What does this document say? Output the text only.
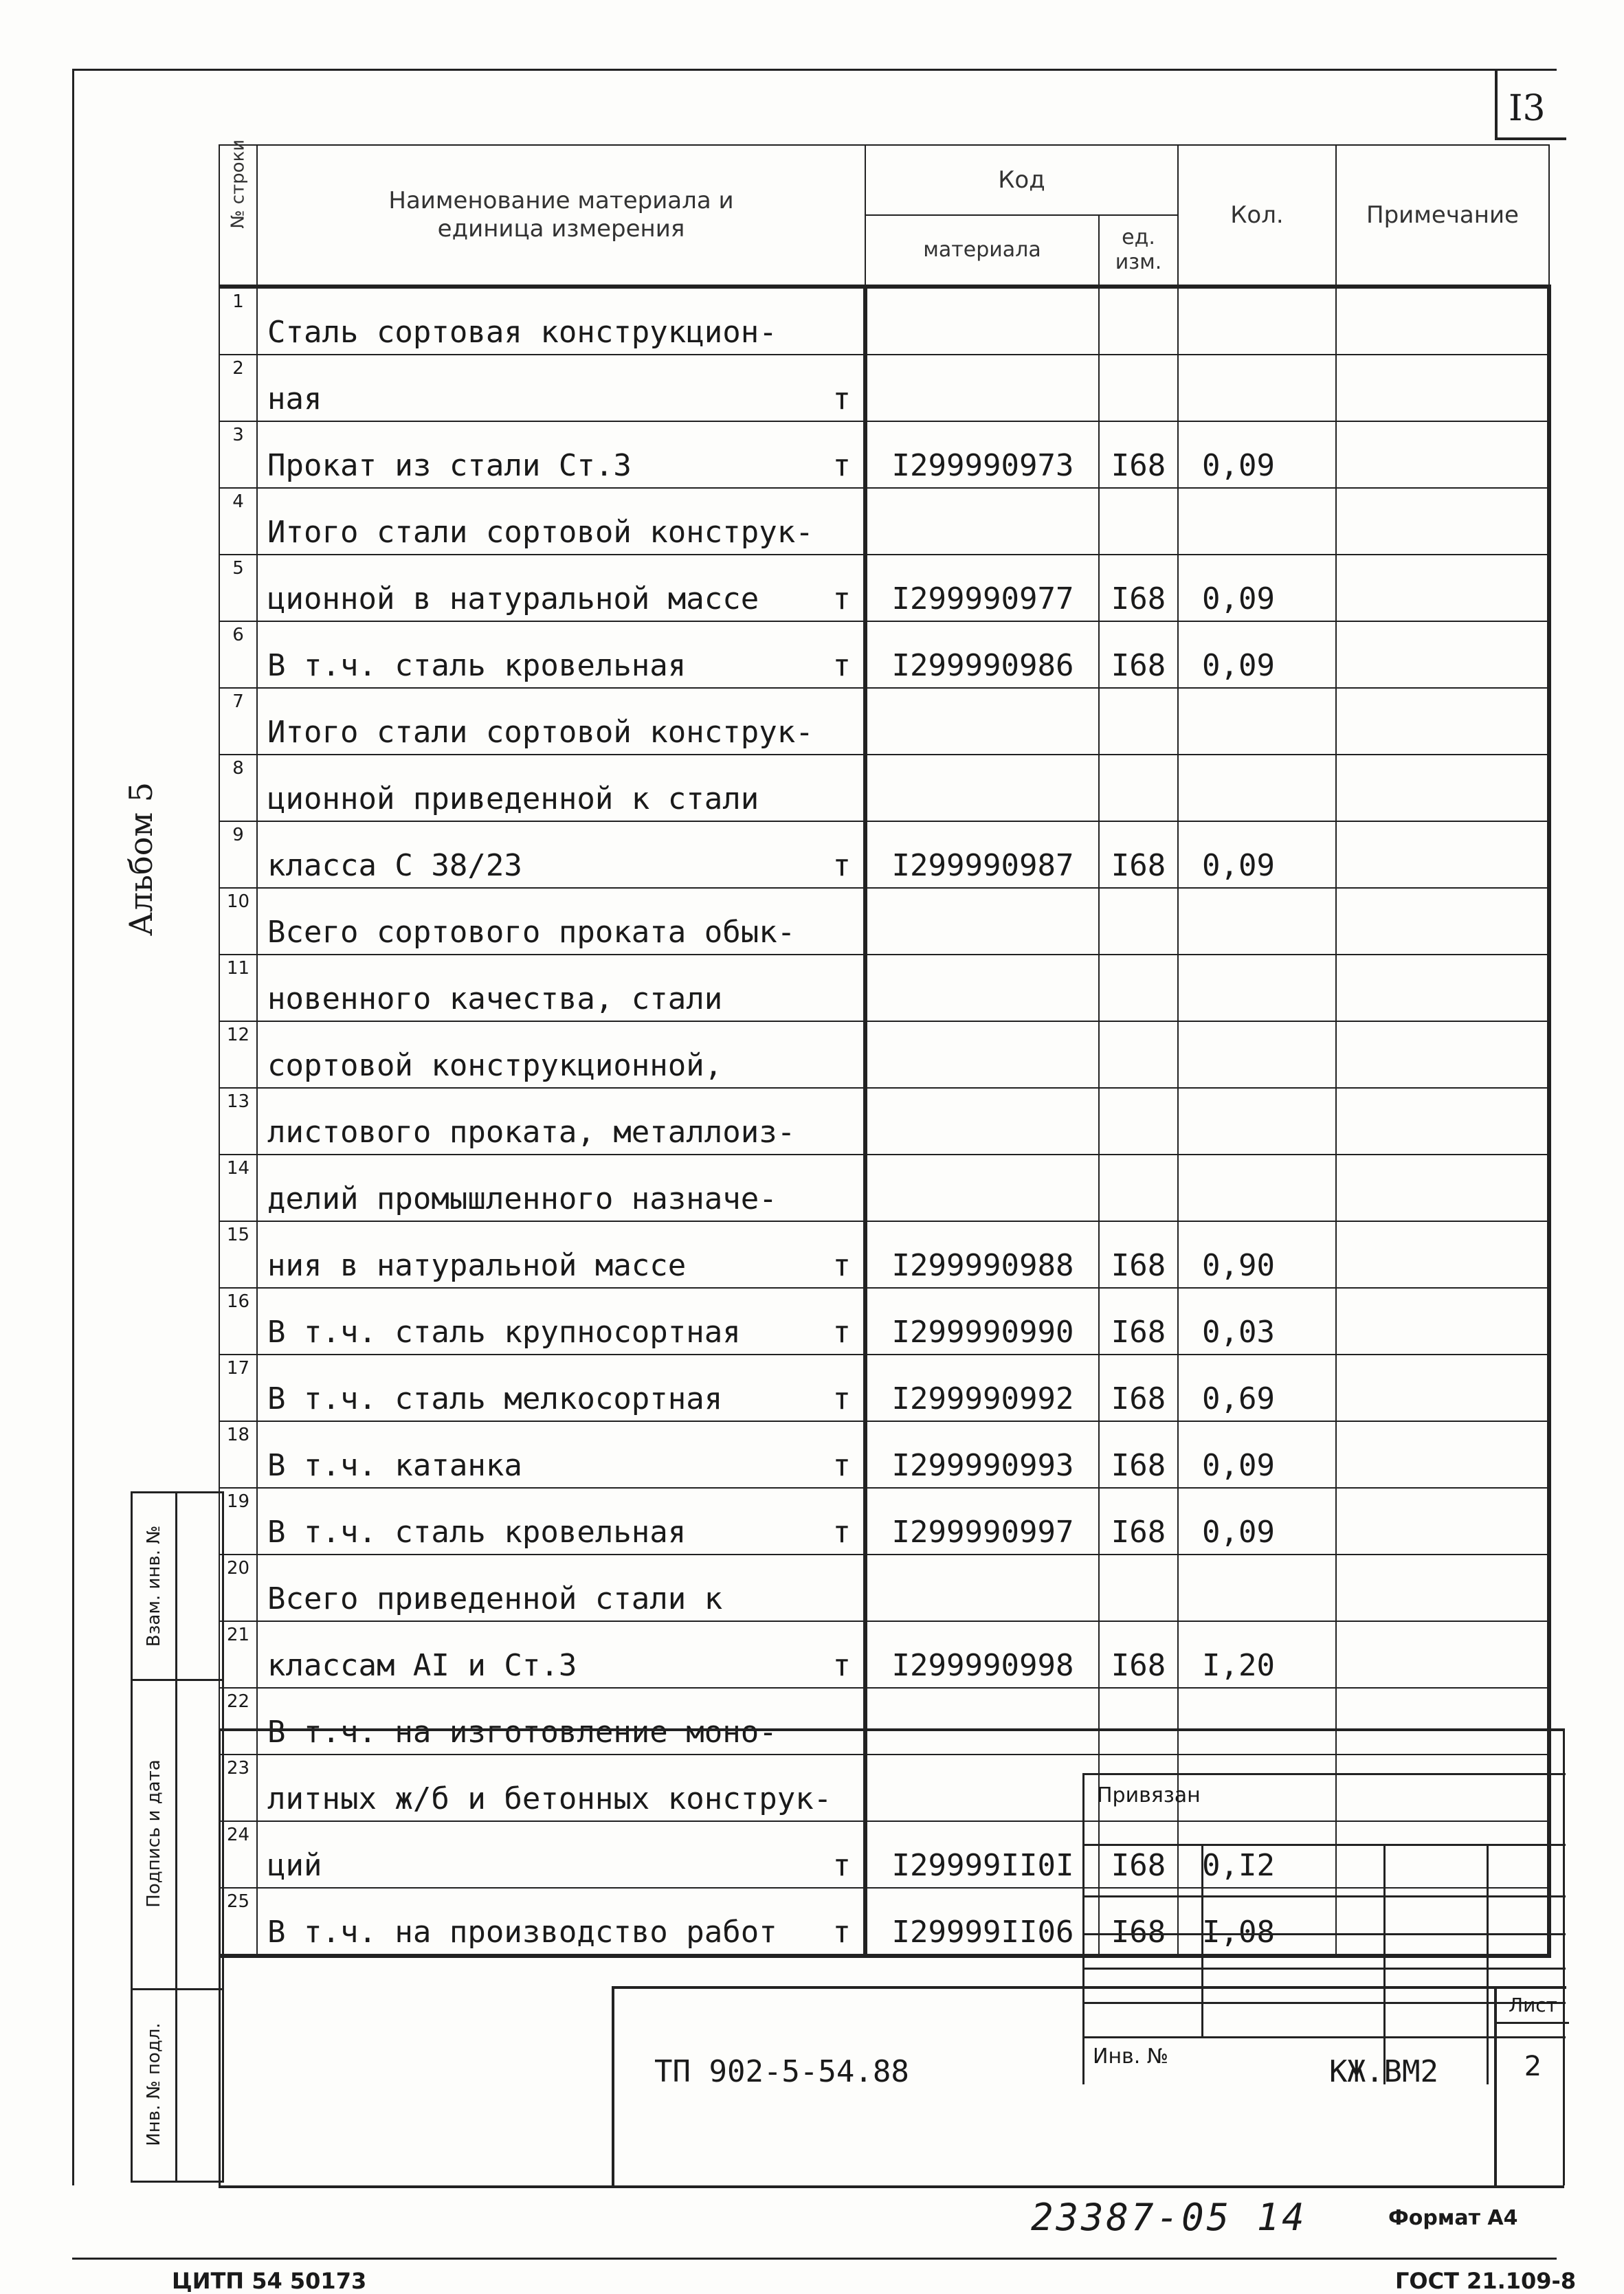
I3
Альбом 5
№ строки	Наименование материала и единица измерения	Код		Кол.	Примечание
		материала	ед. изм.		
1	Сталь сортовая конструкцион-

2	ная т				

3	Прокат из стали Ст.3 т	I299990973	I68	0,09	
4	Итого стали сортовой конструк-

5	ционной в натуральной массе т	I299990977	I68	0,09	
6	В т.ч. сталь кровельная т	I299990986	I68	0,09	
7	Итого стали сортовой конструк-

8	ционной приведенной к стали

9	класса С 38/23 т	I299990987	I68	0,09	
10	Всего сортового проката обык-

11	новенного качества, стали

12	сортовой конструкционной,

13	листового проката, металлоиз-

14	делий промышленного назначе-

15	ния в натуральной массе т	I299990988	I68	0,90	
16	В т.ч. сталь крупносортная т	I299990990	I68	0,03	
17	В т.ч. сталь мелкосортная т	I299990992	I68	0,69	
18	В т.ч. катанка т	I299990993	I68	0,09	
19	В т.ч. сталь кровельная т	I299990997	I68	0,09	
20	Всего приведенной стали к

21	классам АI и Ст.3 т	I299990998	I68	I,20	
22	В т.ч. на изготовление моно-

23	литных ж/б и бетонных конструк-

24	ций т	I29999II0I	I68	0,I2	
25	В т.ч. на производство работ т	I29999II06	I68	I,08	
Взам. инв. №
Подпись и дата
Инв. № подл.
Привязан
Инв. №
ТП 902-5-54.88	КЖ.ВМ2
Лист
2
23387-05 14	Формат А4
ЦИТП 54 50173	ГОСТ 21.109-8
